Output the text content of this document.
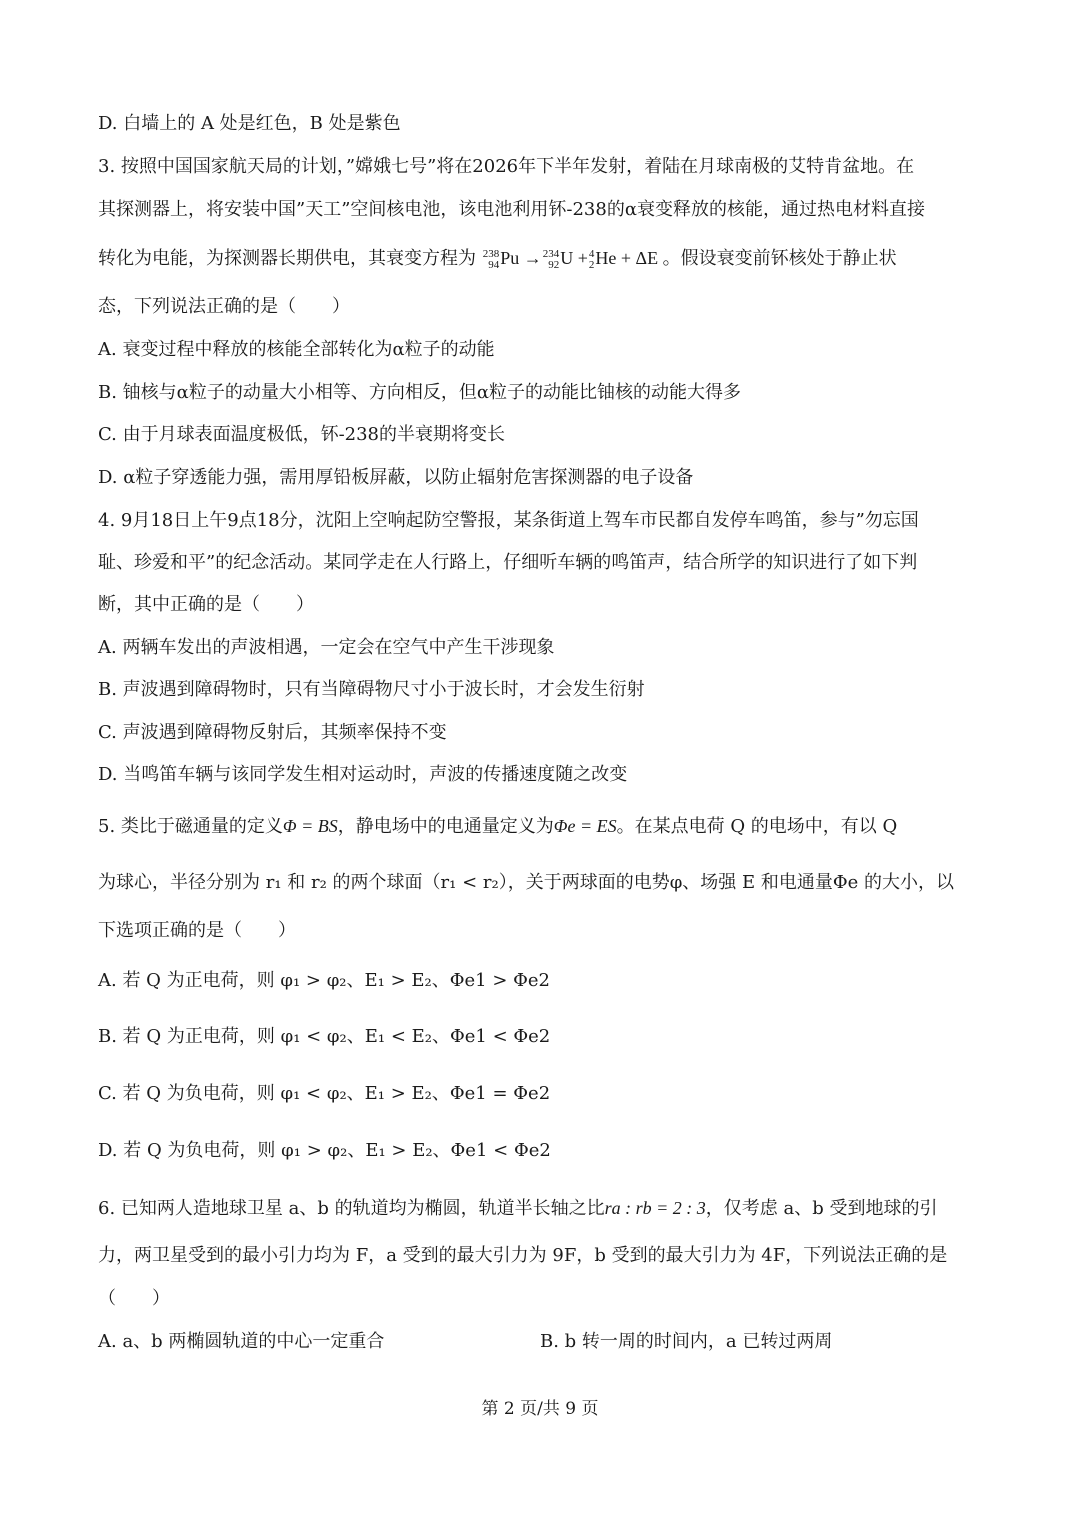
D. 白墙上的 A 处是红色，B 处是紫色
3. 按照中国国家航天局的计划，”嫦娥七号”将在2026年下半年发射，着陆在月球南极的艾特肯盆地。在
其探测器上，将安装中国”天工”空间核电池，该电池利用钚-238的α衰变释放的核能，通过热电材料直接
转化为电能，为探测器长期供电，其衰变方程为 238
94 Pu → 234
92 U + 4
2 He + ΔE 。假设衰变前钚核处于静止状
态，下列说法正确的是（　　）
A. 衰变过程中释放的核能全部转化为α粒子的动能
B. 铀核与α粒子的动量大小相等、方向相反，但α粒子的动能比铀核的动能大得多
C. 由于月球表面温度极低，钚-238的半衰期将变长
D. α粒子穿透能力强，需用厚铅板屏蔽，以防止辐射危害探测器的电子设备
4. 9月18日上午9点18分，沈阳上空响起防空警报，某条街道上驾车市民都自发停车鸣笛，参与”勿忘国
耻、珍爱和平”的纪念活动。某同学走在人行路上，仔细听车辆的鸣笛声，结合所学的知识进行了如下判
断，其中正确的是（　　）
A. 两辆车发出的声波相遇，一定会在空气中产生干涉现象
B. 声波遇到障碍物时，只有当障碍物尺寸小于波长时，才会发生衍射
C. 声波遇到障碍物反射后，其频率保持不变
D. 当鸣笛车辆与该同学发生相对运动时，声波的传播速度随之改变
5. 类比于磁通量的定义Φ = BS，静电场中的电通量定义为Φe = ES。在某点电荷 Q 的电场中，有以 Q
为球心，半径分别为 r₁ 和 r₂ 的两个球面（r₁ < r₂），关于两球面的电势φ、场强 E 和电通量Φe 的大小，以
下选项正确的是（　　）
A. 若 Q 为正电荷，则 φ₁ > φ₂、E₁ > E₂、Φe1 > Φe2
B. 若 Q 为正电荷，则 φ₁ < φ₂、E₁ < E₂、Φe1 < Φe2
C. 若 Q 为负电荷，则 φ₁ < φ₂、E₁ > E₂、Φe1 = Φe2
D. 若 Q 为负电荷，则 φ₁ > φ₂、E₁ > E₂、Φe1 < Φe2
6. 已知两人造地球卫星 a、b 的轨道均为椭圆，轨道半长轴之比ra : rb = 2 : 3，仅考虑 a、b 受到地球的引
力，两卫星受到的最小引力均为 F，a 受到的最大引力为 9F，b 受到的最大引力为 4F，下列说法正确的是
（　　）
A. a、b 两椭圆轨道的中心一定重合	B. b 转一周的时间内，a 已转过两周
第 2 页/共 9 页
